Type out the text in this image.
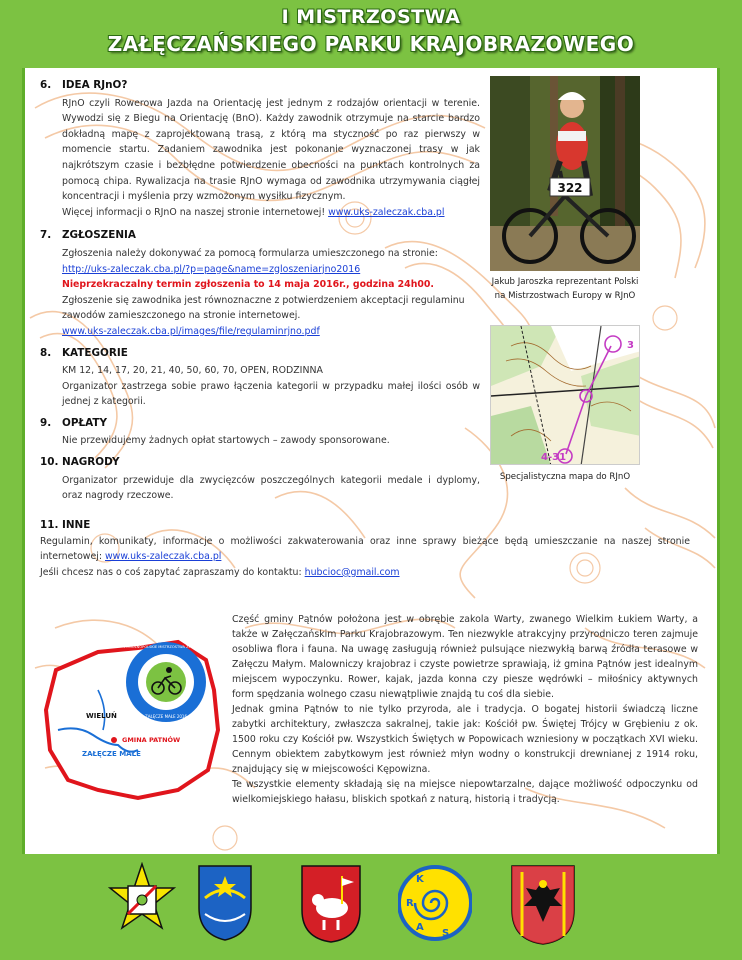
I MISTRZOSTWA
ZAŁĘCZAŃSKIEGO PARKU KRAJOBRAZOWEGO
6. IDEA RJnO?

RJnO czyli Rowerowa Jazda na Orientację jest jednym z rodzajów orientacji w terenie. Wywodzi się z Biegu na Orientację (BnO). Każdy zawodnik otrzymuje na starcie bardzo dokładną mapę z zaprojektowaną trasą, z którą ma styczność po raz pierwszy w momencie startu. Zadaniem zawodnika jest pokonanie wyznaczonej trasy w jak najkrótszym czasie i bezbłędne potwierdzenie obecności na punktach kontrolnych za pomocą chipa. Rywalizacja na trasie RJnO wymaga od zawodnika utrzymywania ciągłej koncentracji i myślenia przy wzmożonym wysiłku fizycznym.
Więcej informacji o RJnO na naszej stronie internetowej! www.uks-zaleczak.cba.pl

7. ZGŁOSZENIA

Zgłoszenia należy dokonywać za pomocą formularza umieszczonego na stronie:
http://uks-zaleczak.cba.pl/?p=page&name=zgloszeniarjno2016
Nieprzekraczalny termin zgłoszenia to 14 maja 2016r., godzina 24h00.
Zgłoszenie się zawodnika jest równoznaczne z potwierdzeniem akceptacji regulaminu zawodów zamieszczonego na stronie internetowej.
www.uks-zaleczak.cba.pl/images/file/regulaminrjno.pdf

8. KATEGORIE

KM 12, 14, 17, 20, 21, 40, 50, 60, 70, OPEN, RODZINNA
Organizator zastrzega sobie prawo łączenia kategorii w przypadku małej ilości osób w jednej z kategorii.

9. OPŁATY

Nie przewidujemy żadnych opłat startowych – zawody sponsorowane.

10. NAGRODY

Organizator przewiduje dla zwycięzców poszczególnych kategorii medale i dyplomy, oraz nagrody rzeczowe.

11. INNE

Regulamin, komunikaty, informacje o możliwości zakwaterowania oraz inne sprawy bieżące będą umieszczanie na naszej stronie internetowej: www.uks-zaleczak.cba.pl
Jeśli chcesz nas o coś zapytać zapraszamy do kontaktu: hubcioc@gmail.com

322
Jakub Jaroszka reprezentant Polski na Mistrzostwach Europy w RJnO
3
4-31
Specjalistyczna mapa do RJnO
WIELUŃ
GMINA PATNÓW
ZAŁĘCZE MAŁE
I OGÓLNOPOLSKIE MISTRZOSTWA ZPK W RJNO
ZAŁĘCZE MAŁE 2016

Część gminy Pątnów położona jest w obrębie zakola Warty, zwanego Wielkim Łukiem Warty, a także w Załęczańskim Parku Krajobrazowym. Ten niezwykle atrakcyjny przyrodniczo teren zajmuje osobliwa flora i fauna. Na uwagę zasługują również pulsujące niezwykłą barwą źródła terasowe w Załęczu Małym. Malowniczy krajobraz i czyste powietrze sprawiają, iż gmina Pątnów jest idealnym miejscem wypoczynku. Rower, kajak, jazda konna czy piesze wędrówki – miłośnicy aktywnych form spędzania wolnego czasu niewątpliwie znajdą tu coś dla siebie.

Jednak gmina Pątnów to nie tylko przyroda, ale i tradycja. O bogatej historii świadczą liczne zabytki architektury, zwłaszcza sakralnej, takie jak: Kościół pw. Świętej Trójcy w Grębieniu z ok. 1500 roku czy Kościół pw. Wszystkich Świętych w Popowicach wzniesiony w początkach XVI wieku. Cennym obiektem zabytkowym jest również młyn wodny o konstrukcji drewnianej z 1914 roku, znajdujący się w miejscowości Kępowizna.

Te wszystkie elementy składają się na miejsce niepowtarzalne, dające możliwość odpoczynku od wielkomiejskiego hałasu, bliskich spotkań z naturą, historią i tradycją.

K
R
A
S
